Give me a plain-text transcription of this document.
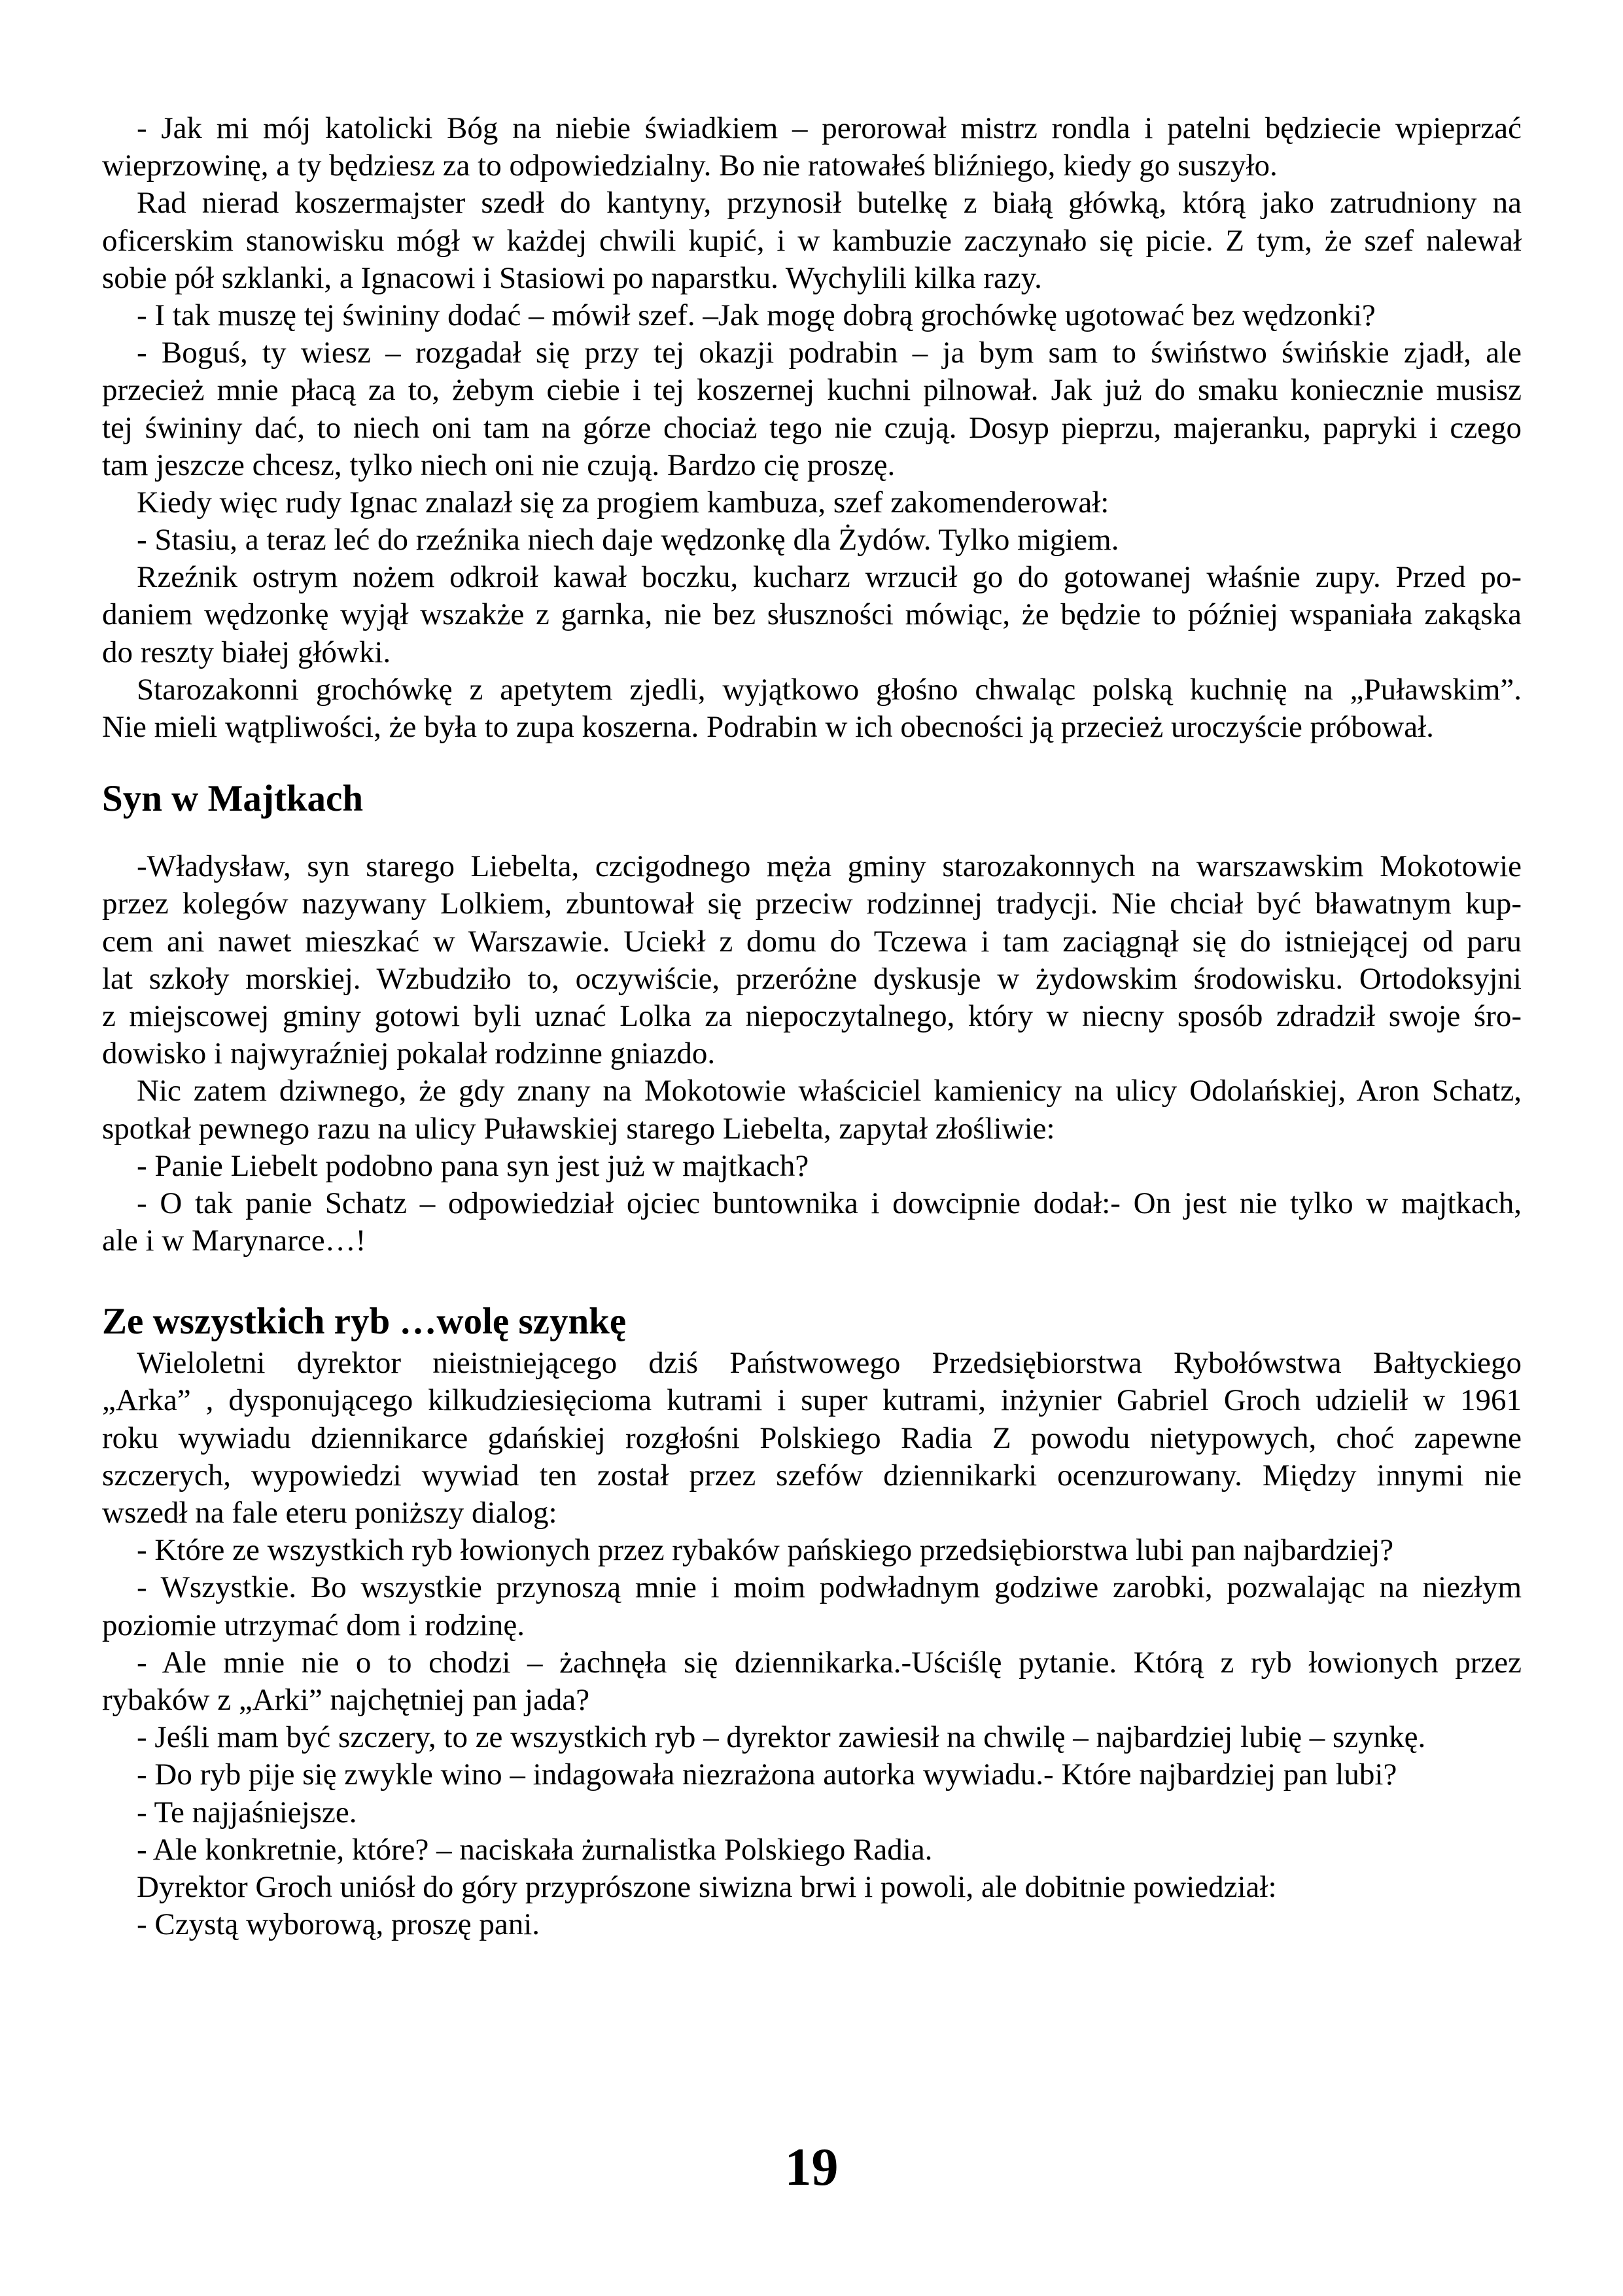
- Jak mi mój katolicki Bóg na niebie świadkiem – perorował mistrz rondla i patelni będziecie wpieprzać
wieprzowinę, a ty będziesz za to odpowiedzialny. Bo nie ratowałeś bliźniego, kiedy go suszyło.
Rad nierad koszermajster szedł do kantyny, przynosił butelkę z białą główką, którą jako zatrudniony na
oficerskim stanowisku mógł w każdej chwili kupić, i w kambuzie zaczynało się picie. Z tym, że szef nalewał
sobie pół szklanki, a Ignacowi i Stasiowi po naparstku. Wychylili kilka razy.
- I tak muszę tej świniny dodać – mówił szef. –Jak mogę dobrą grochówkę ugotować bez wędzonki?
- Boguś, ty wiesz – rozgadał się przy tej okazji podrabin – ja bym sam to świństwo świńskie zjadł, ale
przecież mnie płacą za to, żebym ciebie i tej koszernej kuchni pilnował. Jak już do smaku koniecznie musisz
tej świniny dać, to niech oni tam na górze chociaż tego nie czują. Dosyp pieprzu, majeranku, papryki i czego
tam jeszcze chcesz, tylko niech oni nie czują. Bardzo cię proszę.
Kiedy więc rudy Ignac znalazł się za progiem kambuza, szef zakomenderował:
- Stasiu, a teraz leć do rzeźnika niech daje wędzonkę dla Żydów. Tylko migiem.
Rzeźnik ostrym nożem odkroił kawał boczku, kucharz wrzucił go do gotowanej właśnie zupy. Przed po-
daniem wędzonkę wyjął wszakże z garnka, nie bez słuszności mówiąc, że będzie to później wspaniała zakąska
do reszty białej główki.
Starozakonni grochówkę z apetytem zjedli, wyjątkowo głośno chwaląc polską kuchnię na „Puławskim”.
Nie mieli wątpliwości, że była to zupa koszerna. Podrabin w ich obecności ją przecież uroczyście próbował.
Syn w Majtkach
-Władysław, syn starego Liebelta, czcigodnego męża gminy starozakonnych na warszawskim Mokotowie
przez kolegów nazywany Lolkiem, zbuntował się przeciw rodzinnej tradycji. Nie chciał być bławatnym kup-
cem ani nawet mieszkać w Warszawie. Uciekł z domu do Tczewa i tam zaciągnął się do istniejącej od paru
lat szkoły morskiej. Wzbudziło to, oczywiście, przeróżne dyskusje w żydowskim środowisku. Ortodoksyjni
z miejscowej gminy gotowi byli uznać Lolka za niepoczytalnego, który w niecny sposób zdradził swoje śro-
dowisko i najwyraźniej pokalał rodzinne gniazdo.
Nic zatem dziwnego, że gdy znany na Mokotowie właściciel kamienicy na ulicy Odolańskiej, Aron Schatz,
spotkał pewnego razu na ulicy Puławskiej starego Liebelta, zapytał złośliwie:
- Panie Liebelt podobno pana syn jest już w majtkach?
- O tak panie Schatz – odpowiedział ojciec buntownika i dowcipnie dodał:- On jest nie tylko w majtkach,
ale i w Marynarce…!
Ze wszystkich ryb …wolę szynkę
Wieloletni dyrektor nieistniejącego dziś Państwowego Przedsiębiorstwa Rybołówstwa Bałtyckiego
„Arka” , dysponującego kilkudziesięcioma kutrami i super kutrami, inżynier Gabriel Groch udzielił w 1961
roku wywiadu dziennikarce gdańskiej rozgłośni Polskiego Radia Z powodu nietypowych, choć zapewne
szczerych, wypowiedzi wywiad ten został przez szefów dziennikarki ocenzurowany. Między innymi nie
wszedł na fale eteru poniższy dialog:
- Które ze wszystkich ryb łowionych przez rybaków pańskiego przedsiębiorstwa lubi pan najbardziej?
- Wszystkie. Bo wszystkie przynoszą mnie i moim podwładnym godziwe zarobki, pozwalając na niezłym
poziomie utrzymać dom i rodzinę.
- Ale mnie nie o to chodzi – żachnęła się dziennikarka.-Uściślę pytanie. Którą z ryb łowionych przez
rybaków z „Arki” najchętniej pan jada?
- Jeśli mam być szczery, to ze wszystkich ryb – dyrektor zawiesił na chwilę – najbardziej lubię – szynkę.
- Do ryb pije się zwykle wino – indagowała niezrażona autorka wywiadu.- Które najbardziej pan lubi?
- Te najjaśniejsze.
- Ale konkretnie, które? – naciskała żurnalistka Polskiego Radia.
Dyrektor Groch uniósł do góry przyprószone siwizna brwi i powoli, ale dobitnie powiedział:
- Czystą wyborową, proszę pani.
19
